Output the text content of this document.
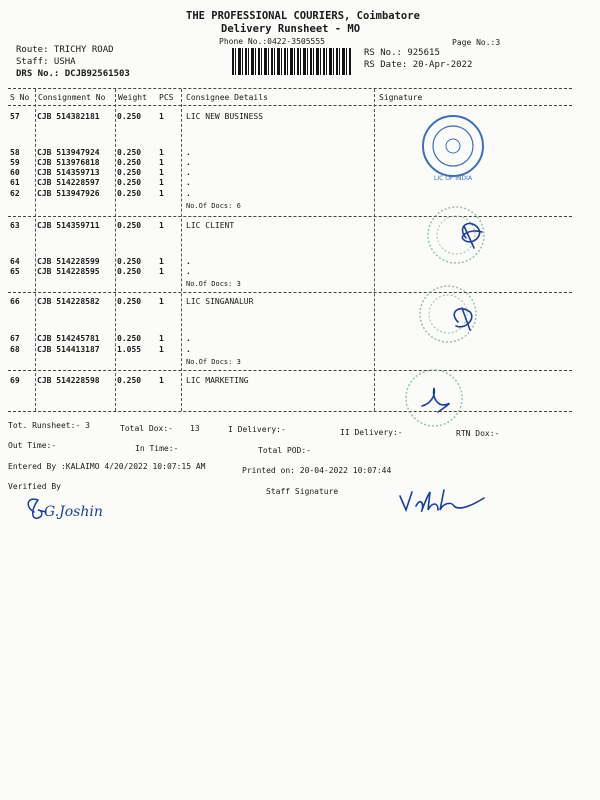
THE PROFESSIONAL COURIERS, Coimbatore
Delivery Runsheet - MO
Phone No.:0422-3505555	Page No.:3
Route: TRICHY ROAD
Staff: USHA
DRS No.: DCJB92561503
RS No.: 925615
RS Date: 20-Apr-2022
S No Consignment No Weight PCS Consignee Details	Signature
57 CJB 514382181 0.250 1	LIC NEW BUSINESS
58 CJB 513947924 0.250 1	.
59 CJB 513976818 0.250 1	.
60 CJB 514359713 0.250 1	.
61 CJB 514228597 0.250 1	.
62 CJB 513947926 0.250 1	.
No.Of Docs: 6
63 CJB 514359711 0.250 1	LIC CLIENT
64 CJB 514228599 0.250 1	.
65 CJB 514228595 0.250 1	.
No.Of Docs: 3
66 CJB 514228582 0.250 1	LIC SINGANALUR
67 CJB 514245781 0.250 1	.
68 CJB 514413187 1.055 1	.
No.Of Docs: 3
69 CJB 514228598 0.250 1	LIC MARKETING
LIC OF INDIA
Tot. Runsheet:- 3	Total Dox:- 13	I Delivery:-	II Delivery:-	RTN Dox:-
Out Time:-	In Time:-	Total POD:-
Entered By :KALAIMO 4/20/2022 10:07:15 AM	Printed on: 20-04-2022 10:07:44
Verified By
Staff Signature
G.Joshin
